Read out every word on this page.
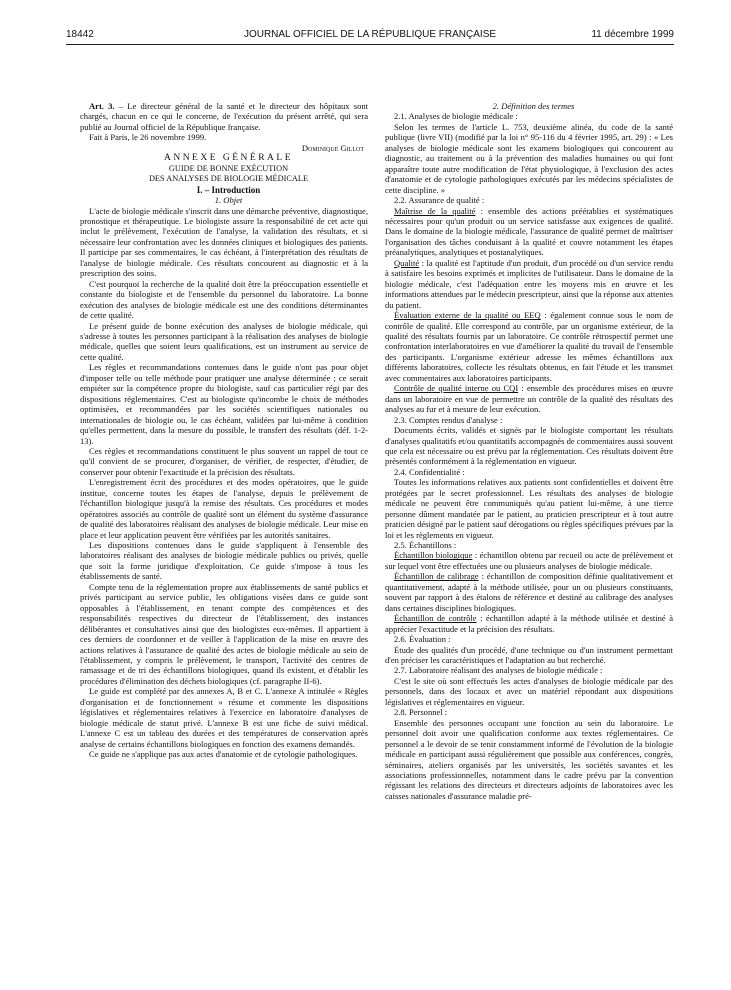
18442	JOURNAL OFFICIEL DE LA RÉPUBLIQUE FRANÇAISE	11 décembre 1999

Art. 3. – Le directeur général de la santé et le directeur des hôpitaux sont chargés, chacun en ce qui le concerne, de l'exécution du présent arrêté, qui sera publié au Journal officiel de la République française.

Fait à Paris, le 26 novembre 1999.

Dominique Gillot

ANNEXE GÉNÉRALE

GUIDE DE BONNE EXÉCUTION

DES ANALYSES DE BIOLOGIE MÉDICALE

I. – Introduction

1. Objet

L'acte de biologie médicale s'inscrit dans une démarche préventive, diagnostique, pronostique et thérapeutique. Le biologiste assure la responsabilité de cet acte qui inclut le prélèvement, l'exécution de l'analyse, la validation des résultats, et si nécessaire leur confrontation avec les données cliniques et biologiques des patients. Il participe par ses commentaires, le cas échéant, à l'interprétation des résultats de l'analyse de biologie médicale. Ces résultats concourent au diagnostic et à la prescription des soins.

C'est pourquoi la recherche de la qualité doit être la préoccupation essentielle et constante du biologiste et de l'ensemble du personnel du laboratoire. La bonne exécution des analyses de biologie médicale est une des conditions déterminantes de cette qualité.

Le présent guide de bonne exécution des analyses de biologie médicale, qui s'adresse à toutes les personnes participant à la réalisation des analyses de biologie médicale, quelles que soient leurs qualifications, est un instrument au service de cette qualité.

Les règles et recommandations contenues dans le guide n'ont pas pour objet d'imposer telle ou telle méthode pour pratiquer une analyse déterminée ; ce serait empiéter sur la compétence propre du biologiste, sauf cas particulier régi par des dispositions réglementaires. C'est au biologiste qu'incombe le choix de méthodes optimisées, et recommandées par les sociétés scientifiques nationales ou internationales de biologie ou, le cas échéant, validées par lui-même à condition qu'elles permettent, dans la mesure du possible, le transfert des résultats (déf. 1-2-13).

Ces règles et recommandations constituent le plus souvent un rappel de tout ce qu'il convient de se procurer, d'organiser, de vérifier, de respecter, d'étudier, de conserver pour obtenir l'exactitude et la précision des résultats.

L'enregistrement écrit des procédures et des modes opératoires, que le guide institue, concerne toutes les étapes de l'analyse, depuis le prélèvement de l'échantillon biologique jusqu'à la remise des résultats. Ces procédures et modes opératoires associés au contrôle de qualité sont un élément du système d'assurance de qualité des laboratoires réalisant des analyses de biologie médicale. Leur mise en place et leur application peuvent être vérifiées par les autorités sanitaires.

Les dispositions contenues dans le guide s'appliquent à l'ensemble des laboratoires réalisant des analyses de biologie médicale publics ou privés, quelle que soit la forme juridique d'exploitation. Ce guide s'impose à tous les établissements de santé.

Compte tenu de la réglementation propre aux établissements de santé publics et privés participant au service public, les obligations visées dans ce guide sont opposables à l'établissement, en tenant compte des compétences et des responsabilités respectives du directeur de l'établissement, des instances délibérantes et consultatives ainsi que des biologistes eux-mêmes. Il appartient à ces derniers de coordonner et de veiller à l'application de la mise en œuvre des actions relatives à l'assurance de qualité des actes de biologie médicale au sein de l'établissement, y compris le prélèvement, le transport, l'activité des centres de ramassage et de tri des échantillons biologiques, quand ils existent, et d'établir les procédures d'élimination des déchets biologiques (cf. paragraphe II-6).

Le guide est complété par des annexes A, B et C. L'annexe A intitulée « Règles d'organisation et de fonctionnement » résume et commente les dispositions législatives et réglementaires relatives à l'exercice en laboratoire d'analyses de biologie médicale de statut privé. L'annexe B est une fiche de suivi médical. L'annexe C est un tableau des durées et des températures de conservation après analyse de certains échantillons biologiques en fonction des examens demandés.

Ce guide ne s'applique pas aux actes d'anatomie et de cytologie pathologiques.

2. Définition des termes

2.1. Analyses de biologie médicale :

Selon les termes de l'article L. 753, deuxième alinéa, du code de la santé publique (livre VII) (modifié par la loi n° 95-116 du 4 février 1995, art. 29) : « Les analyses de biologie médicale sont les examens biologiques qui concourent au diagnostic, au traitement ou à la prévention des maladies humaines ou qui font apparaître toute autre modification de l'état physiologique, à l'exclusion des actes d'anatomie et de cytologie pathologiques exécutés par les médecins spécialistes de cette discipline. »

2.2. Assurance de qualité :

Maîtrise de la qualité : ensemble des actions préétablies et systématiques nécessaires pour qu'un produit ou un service satisfasse aux exigences de qualité. Dans le domaine de la biologie médicale, l'assurance de qualité permet de maîtriser l'organisation des tâches conduisant à la qualité et couvre notamment les étapes préanalytiques, analytiques et postanalytiques.

Qualité : la qualité est l'aptitude d'un produit, d'un procédé ou d'un service rendu à satisfaire les besoins exprimés et implicites de l'utilisateur. Dans le domaine de la biologie médicale, c'est l'adéquation entre les moyens mis en œuvre et les informations attendues par le médecin prescripteur, ainsi que la réponse aux attentes du patient.

Évaluation externe de la qualité ou EEQ : également connue sous le nom de contrôle de qualité. Elle correspond au contrôle, par un organisme extérieur, de la qualité des résultats fournis par un laboratoire. Ce contrôle rétrospectif permet une confrontation interlaboratoires en vue d'améliorer la qualité du travail de l'ensemble des participants. L'organisme extérieur adresse les mêmes échantillons aux différents laboratoires, collecte les résultats obtenus, en fait l'étude et les transmet avec commentaires aux laboratoires participants.

Contrôle de qualité interne ou CQI : ensemble des procédures mises en œuvre dans un laboratoire en vue de permettre un contrôle de la qualité des résultats des analyses au fur et à mesure de leur exécution.

2.3. Comptes rendus d'analyse :

Documents écrits, validés et signés par le biologiste comportant les résultats d'analyses qualitatifs et/ou quantitatifs accompagnés de commentaires aussi souvent que cela est nécessaire ou est prévu par la réglementation. Ces résultats doivent être présentés conformément à la réglementation en vigueur.

2.4. Confidentialité :

Toutes les informations relatives aux patients sont confidentielles et doivent être protégées par le secret professionnel. Les résultats des analyses de biologie médicale ne peuvent être communiqués qu'au patient lui-même, à une tierce personne dûment mandatée par le patient, au praticien prescripteur et à tout autre praticien désigné par le patient sauf dérogations ou règles spécifiques prévues par la loi et les règlements en vigueur.

2.5. Échantillons :

Échantillon biologique : échantillon obtenu par recueil ou acte de prélèvement et sur lequel vont être effectuées une ou plusieurs analyses de biologie médicale.

Échantillon de calibrage : échantillon de composition définie qualitativement et quantitativement, adapté à la méthode utilisée, pour un ou plusieurs constituants, souvent par rapport à des étalons de référence et destiné au calibrage des analyses dans certaines disciplines biologiques.

Échantillon de contrôle : échantillon adapté à la méthode utilisée et destiné à apprécier l'exactitude et la précision des résultats.

2.6. Évaluation :

Étude des qualités d'un procédé, d'une technique ou d'un instrument permettant d'en préciser les caractéristiques et l'adaptation au but recherché.

2.7. Laboratoire réalisant des analyses de biologie médicale :

C'est le site où sont effectués les actes d'analyses de biologie médicale par des personnels, dans des locaux et avec un matériel répondant aux dispositions législatives et réglementaires en vigueur.

2.8. Personnel :

Ensemble des personnes occupant une fonction au sein du laboratoire. Le personnel doit avoir une qualification conforme aux textes réglementaires. Ce personnel a le devoir de se tenir constamment informé de l'évolution de la biologie médicale en participant aussi régulièrement que possible aux conférences, congrès, séminaires, ateliers organisés par les universités, les sociétés savantes et les associations professionnelles, notamment dans le cadre prévu par la convention régissant les relations des directeurs et directeurs adjoints de laboratoires avec les caisses nationales d'assurance maladie pré-
